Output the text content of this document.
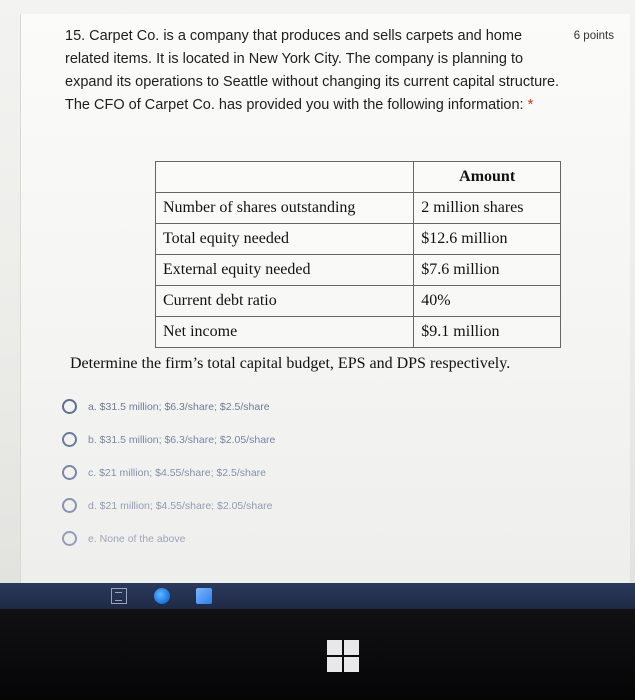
15. Carpet Co. is a company that produces and sells carpets and home related items. It is located in New York City. The company is planning to expand its operations to Seattle without changing its current capital structure. The CFO of Carpet Co. has provided you with the following information: *
6 points
	Amount
Number of shares outstanding	2 million shares
Total equity needed	$12.6 million
External equity needed	$7.6 million
Current debt ratio	40%
Net income	$9.1 million
Determine the firm’s total capital budget, EPS and DPS respectively.
a. $31.5 million; $6.3/share; $2.5/share
b. $31.5 million; $6.3/share; $2.05/share
c. $21 million; $4.55/share; $2.5/share
d. $21 million; $4.55/share; $2.05/share
e. None of the above
